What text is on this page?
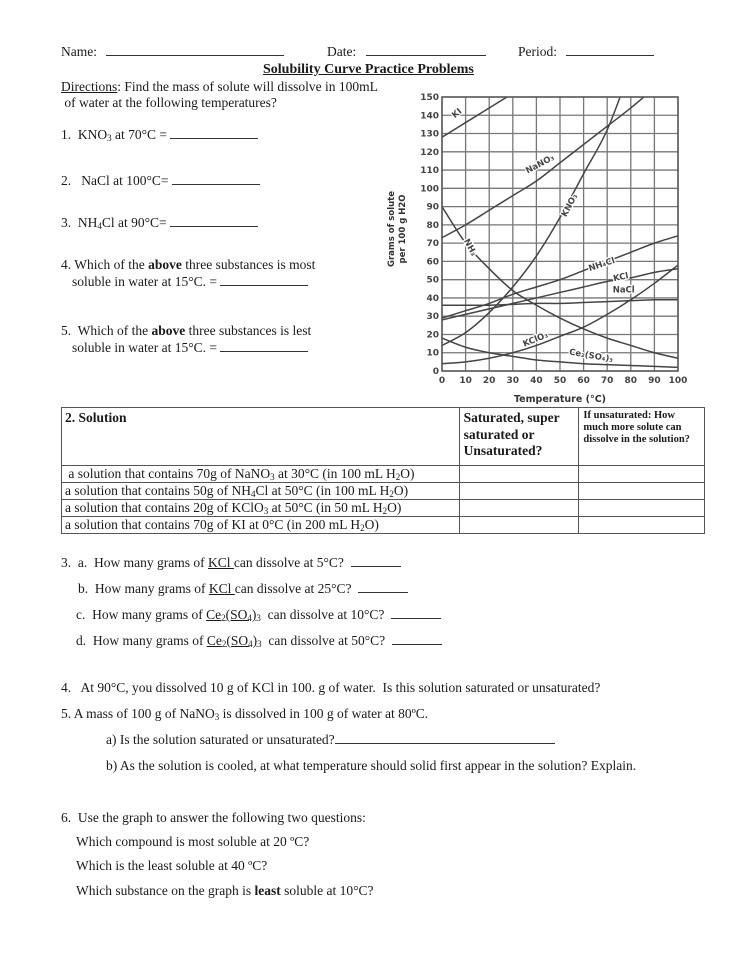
Name:	Date:	Period:
Solubility Curve Practice Problems
Directions: Find the mass of solute will dissolve in 100mL
of water at the following temperatures?
1. $KNO_3$ at 70°C =
2. NaCl at 100°C=
3. $NH_4Cl$ at 90°C=
4. Which of the above three substances is most
soluble in water at 15°C. =
5.  Which of the above three substances is lest
soluble in water at 15°C. =
0
10
20
30
40
50
60
70
80
90
100
110
120
130
140
150
0 10 20 30 40 50 60 70 80 90 100
Temperature (°C)
Grams of solute per 100 g H2O
KI
NaNO₃
KNO₃
NH₃
NH₄Cl
KCl
NaCl
KClO₃
Ce₂(SO₄)₃
2. Solution	Saturated, super saturated or Unsaturated?	If unsaturated: How much more solute can dissolve in the solution?
a solution that contains 70g of NaNO$_3$ at 30°C (in 100 mL $H_2O$)		
a solution that contains 50g of $NH_4Cl$ at 50°C (in 100 mL $H_2O$)		
a solution that contains 20g of KClO$_3$ at 50°C (in 50 mL $H_2O$)		
a solution that contains 70g of KI at 0°C (in 200 mL $H_2O$)		
3.  a.  How many grams of KCl can dissolve at 5°C?
b.  How many grams of KCl can dissolve at 25°C?
c.  How many grams of $Ce_2(SO_4)_3$  can dissolve at 10°C?
d.  How many grams of $Ce_2(SO_4)_3$  can dissolve at 50°C?
4.   At 90°C, you dissolved 10 g of KCl in 100. g of water.  Is this solution saturated or unsaturated?
5. A mass of 100 g of NaNO$_3$ is dissolved in 100 g of water at 80ºC.
a) Is the solution saturated or unsaturated?
b) As the solution is cooled, at what temperature should solid first appear in the solution? Explain.
6.  Use the graph to answer the following two questions:
Which compound is most soluble at 20 ºC?
Which is the least soluble at 40 ºC?
Which substance on the graph is least soluble at 10°C?
